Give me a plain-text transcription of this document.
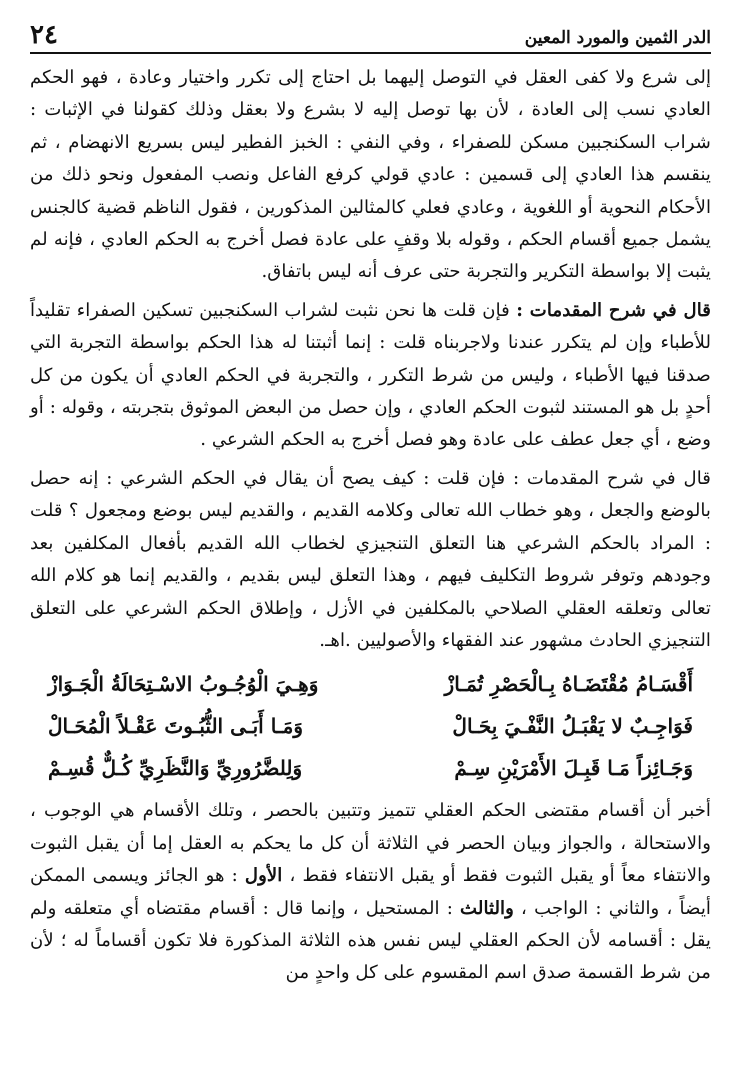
الدر الثمين والمورد المعين
٢٤

إلى شرع ولا كفى العقل في التوصل إليهما بل احتاج إلى تكرر واختيار وعادة ، فهو الحكم العادي نسب إلى العادة ، لأن بها توصل إليه لا بشرع ولا بعقل وذلك كقولنا في الإثبات : شراب السكنجبين مسكن للصفراء ، وفي النفي : الخبز الفطير ليس بسريع الانهضام ، ثم ينقسم هذا العادي إلى قسمين : عادي قولي كرفع الفاعل ونصب المفعول ونحو ذلك من الأحكام النحوية أو اللغوية ، وعادي فعلي كالمثالين المذكورين ، فقول الناظم قضية كالجنس يشمل جميع أقسام الحكم ، وقوله بلا وقفٍ على عادة فصل أخرج به الحكم العادي ، فإنه لم يثبت إلا بواسطة التكرير والتجربة حتى عرف أنه ليس باتفاق.

قال في شرح المقدمات : فإن قلت ها نحن نثبت لشراب السكنجبين تسكين الصفراء تقليداً للأطباء وإن لم يتكرر عندنا ولاجربناه قلت : إنما أثبتنا له هذا الحكم بواسطة التجربة التي صدقنا فيها الأطباء ، وليس من شرط التكرر ، والتجربة في الحكم العادي أن يكون من كل أحدٍ بل هو المستند لثبوت الحكم العادي ، وإن حصل من البعض الموثوق بتجربته ، وقوله : أو وضع ، أي جعل عطف على عادة وهو فصل أخرج به الحكم الشرعي .

قال في شرح المقدمات : فإن قلت : كيف يصح أن يقال في الحكم الشرعي : إنه حصل بالوضع والجعل ، وهو خطاب الله تعالى وكلامه القديم ، والقديم ليس بوضع ومجعول ؟ قلت : المراد بالحكم الشرعي هنا التعلق التنجيزي لخطاب الله القديم بأفعال المكلفين بعد وجودهم وتوفر شروط التكليف فيهم ، وهذا التعلق ليس بقديم ، والقديم إنما هو كلام الله تعالى وتعلقه العقلي الصلاحي بالمكلفين في الأزل ، وإطلاق الحكم الشرعي على التعلق التنجيزي الحادث مشهور عند الفقهاء والأصوليين .اهـ.

أَقْسَـامُ مُقْتَضَـاهُ بِـالْحَصْرِ تُمَـازْ
وَهِـيَ الْوُجُـوبُ الاسْـتِحَالَةُ الْجَـوَازْ
فَوَاجِـبٌ لا يَقْبَـلُ النَّفْـيَ بِحَـالْ
وَمَـا أَبَـى الثُّبُـوتَ عَقْـلاً الْمُحَـالْ
وَجَـائِزاً مَـا قَبِـلَ الأَمْرَيْنِ سِـمْ
وَلِلضَّرُورِيِّ وَالنَّظَرِيِّ كُـلٌّ قُسِـمْ

أخبر أن أقسام مقتضى الحكم العقلي تتميز وتتبين بالحصر ، وتلك الأقسام هي الوجوب ، والاستحالة ، والجواز وبيان الحصر في الثلاثة أن كل ما يحكم به العقل إما أن يقبل الثبوت والانتفاء معاً أو يقبل الثبوت فقط أو يقبل الانتفاء فقط ، الأول : هو الجائز ويسمى الممكن أيضاً ، والثاني : الواجب ، والثالث : المستحيل ، وإنما قال : أقسام مقتضاه أي متعلقه ولم يقل : أقسامه لأن الحكم العقلي ليس نفس هذه الثلاثة المذكورة فلا تكون أقساماً له ؛ لأن من شرط القسمة صدق اسم المقسوم على كل واحدٍ من
